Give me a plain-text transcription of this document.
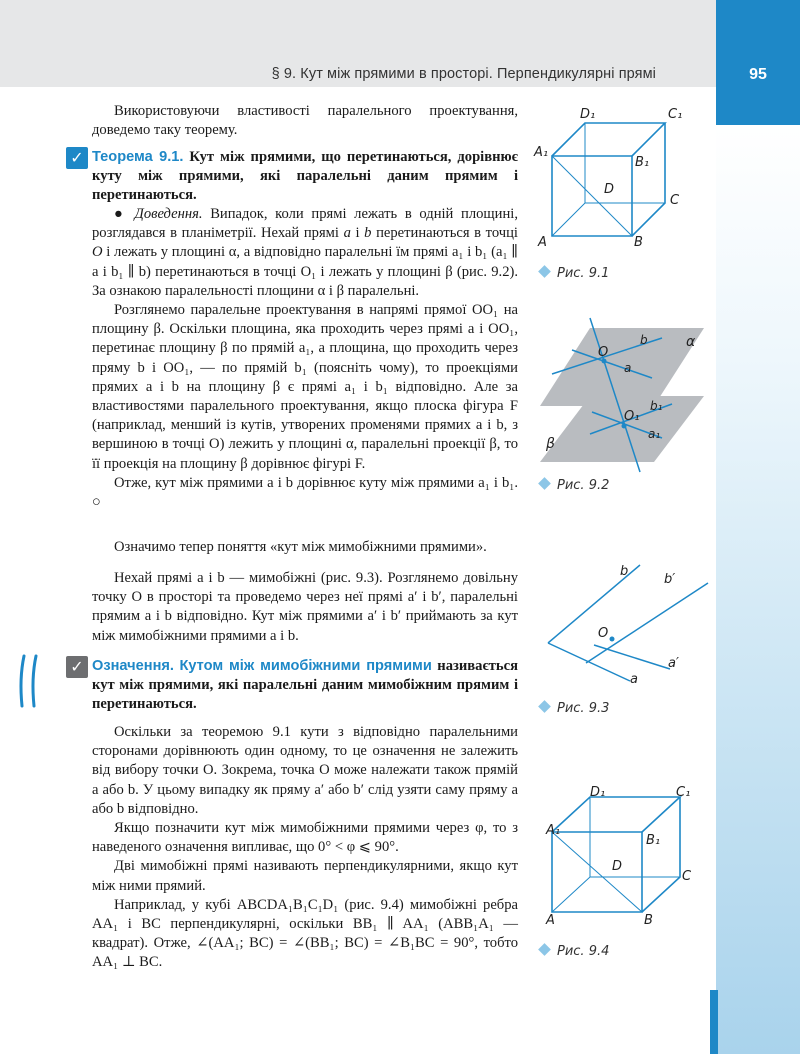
§ 9. Кут між прямими в просторі. Перпендикулярні прямі	95

Використовуючи властивості паралельного проектування, доведемо таку теорему.

✓ Теорема 9.1. Кут між прямими, що перетинаються, дорівнює куту між прямими, які паралельні даним прямим і перетинаються.

● Доведення. Випадок, коли прямі лежать в одній площині, розглядався в планіметрії. Нехай прямі a і b перетинаються в точці O і лежать у площині α, а відповідно паралельні їм прямі a₁ і b₁ (a₁ ∥ a і b₁ ∥ b) перетинаються в точці O₁ і лежать у площині β (рис. 9.2). За ознакою паралельності площини α і β паралельні.

Розглянемо паралельне проектування в напрямі прямої OO₁ на площину β. Оскільки площина, яка проходить через прямі a і OO₁, перетинає площину β по прямій a₁, а площина, що проходить через пряму b і OO₁, — по прямій b₁ (поясніть чому), то проекціями прямих a і b на площину β є прямі a₁ і b₁ відповідно. Але за властивостями паралельного проектування, якщо плоска фігура F (наприклад, менший із кутів, утворених променями прямих a і b, з вершиною в точці O) лежить у площині α, паралельні проекції β, то її проекція на площину β дорівнює фігурі F.

Отже, кут між прямими a і b дорівнює куту між прямими a₁ і b₁. ○

Означимо тепер поняття «кут між мимобіжними прямими».

Нехай прямі a і b — мимобіжні (рис. 9.3). Розглянемо довільну точку O в просторі та проведемо через неї прямі a′ і b′, паралельні прямим a і b відповідно. Кут між прямими a′ і b′ приймають за кут між мимобіжними прямими a і b.

✓ Означення. Кутом між мимобіжними прямими називається кут між прямими, які паралельні даним мимобіжним прямим і перетинаються.

Оскільки за теоремою 9.1 кути з відповідно паралельними сторонами дорівнюють один одному, то це означення не залежить від вибору точки O. Зокрема, точка O може належати також прямій a або b. У цьому випадку як пряму a′ або b′ слід узяти саму пряму a або b відповідно.

Якщо позначити кут між мимобіжними прямими через φ, то з наведеного означення випливає, що 0° < φ ⩽ 90°.

Дві мимобіжні прямі називають перпендикулярними, якщо кут між ними прямий.

Наприклад, у кубі ABCDA₁B₁C₁D₁ (рис. 9.4) мимобіжні ребра AA₁ і BC перпендикулярні, оскільки BB₁ ∥ AA₁ (ABB₁A₁ — квадрат). Отже, ∠(AA₁; BC) = ∠(BB₁; BC) = ∠B₁BC = 90°, тобто AA₁ ⊥ BC.

D₁	C₁
A₁
B₁
D
C
A	B
Рис. 9.1
α
β
O
b
a
O₁
b₁
a₁
Рис. 9.2
b
b′
O
a′
a
Рис. 9.3
D₁	C₁
A₁
B₁
D
C
A	B
Рис. 9.4
